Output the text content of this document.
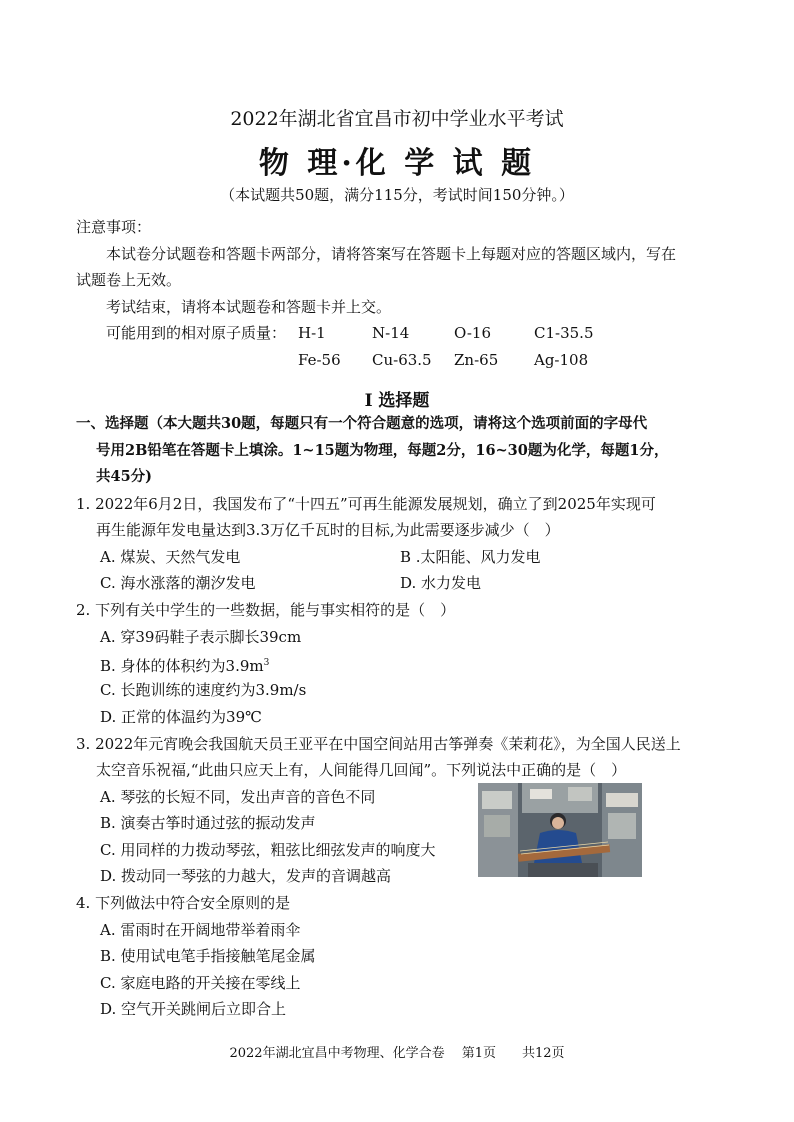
2022年湖北省宜昌市初中学业水平考试
物 理·化 学 试 题
（本试题共50题，满分115分，考试时间150分钟。）
注意事项：
本试卷分试题卷和答题卡两部分，请将答案写在答题卡上每题对应的答题区域内，写在
试题卷上无效。
考试结束，请将本试题卷和答题卡并上交。
可能用到的相对原子质量： H-1	N-14	O-16	C1-35.5
Fe-56 Cu-63.5 Zn-65 Ag-108
I 选择题
一、选择题（本大题共30题，每题只有一个符合题意的选项，请将这个选项前面的字母代
号用2B铅笔在答题卡上填涂。1~15题为物理，每题2分，16~30题为化学，每题1分，
共45分)
1. 2022年6月2日，我国发布了“十四五”可再生能源发展规划，确立了到2025年实现可
再生能源年发电量达到3.3万亿千瓦时的目标,为此需要逐步减少（　）
A. 煤炭、天然气发电	B .太阳能、风力发电
C. 海水涨落的潮汐发电	D. 水力发电
2. 下列有关中学生的一些数据，能与事实相符的是（　）
A. 穿39码鞋子表示脚长39cm
B. 身体的体积约为$3.9m^3$
C. 长跑训练的速度约为3.9m/s
D. 正常的体温约为39℃
3. 2022年元宵晚会我国航天员王亚平在中国空间站用古筝弹奏《茉莉花》，为全国人民送上
太空音乐祝福,“此曲只应天上有，人间能得几回闻”。下列说法中正确的是（　）
A. 琴弦的长短不同，发出声音的音色不同
B. 演奏古筝时通过弦的振动发声
C. 用同样的力拨动琴弦，粗弦比细弦发声的响度大
D. 拨动同一琴弦的力越大，发声的音调越高
4. 下列做法中符合安全原则的是
A. 雷雨时在开阔地带举着雨伞
B. 使用试电笔手指接触笔尾金属
C. 家庭电路的开关接在零线上
D. 空气开关跳闸后立即合上
2022年湖北宜昌中考物理、化学合卷　 第1页　　共12页
